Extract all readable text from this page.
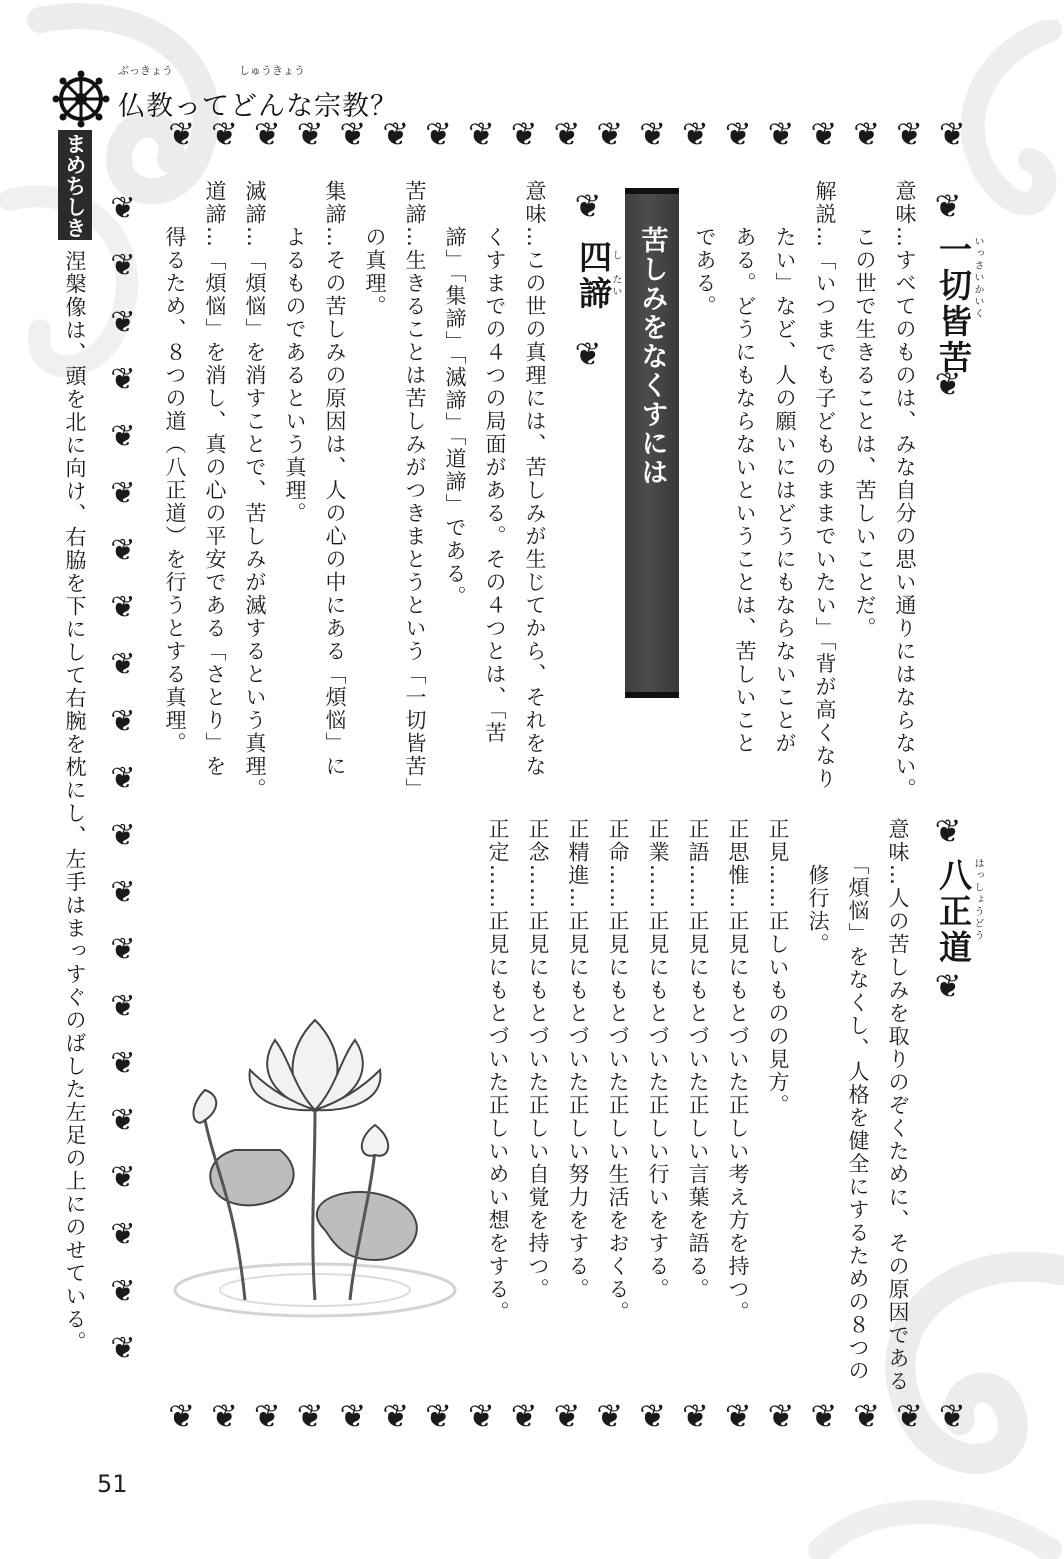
ぶっきょう　　　　　　しゅうきょう
仏教ってどんな宗教？
❦❦❦❦❦❦❦❦❦❦❦❦❦❦❦❦❦❦❦
❦❦❦❦❦❦❦❦❦❦❦❦❦❦❦❦❦❦❦
❦
❦
❦
❦
❦
❦
❦
❦
❦
❦
❦
❦
❦
❦
❦
❦
❦
❦
❦
❦
❦
まめちしき
涅槃像は、頭を北に向け、右脇を下にして右腕を枕にし、左手はまっすぐのばした左足の上にのせている。	苦しみをなくすには
❦
一切皆苦 いっさいかいく
❦
意味…すべてのものは、みな自分の思い通りにはならない。
　　この世で生きることは、苦しいことだ。
解説…「いつまでも子どものままでいたい」「背が高くなり
　　たい」など、人の願いにはどうにもならないことが
　　ある。どうにもならないということは、苦しいこと
　　である。
❦
四諦
し　たい
❦
意味…この世の真理には、苦しみが生じてから、それをな
　　くすまでの４つの局面がある。その４つとは、「苦
　　諦」「集諦」「滅諦」「道諦」である。
苦諦…生きることは苦しみがつきまとうという「一切皆苦」
　　の真理。
集諦…その苦しみの原因は、人の心の中にある「煩悩」に
　　よるものであるという真理。
滅諦…「煩悩」を消すことで、苦しみが滅するという真理。
道諦…「煩悩」を消し、真の心の平安である「さとり」を
　　得るため、８つの道（八正道）を行うとする真理。
❦
八正道 はっしょうどう
❦
意味…人の苦しみを取りのぞくために、その原因である
　　「煩悩」をなくし、人格を健全にするための８つの
　　修行法。
正見……正しいものの見方。
正思惟…正見にもとづいた正しい考え方を持つ。
正語……正見にもとづいた正しい言葉を語る。
正業……正見にもとづいた正しい行いをする。
正命……正見にもとづいた正しい生活をおくる。
正精進…正見にもとづいた正しい努力をする。
正念……正見にもとづいた正しい自覚を持つ。
正定……正見にもとづいた正しいめい想をする。
51
